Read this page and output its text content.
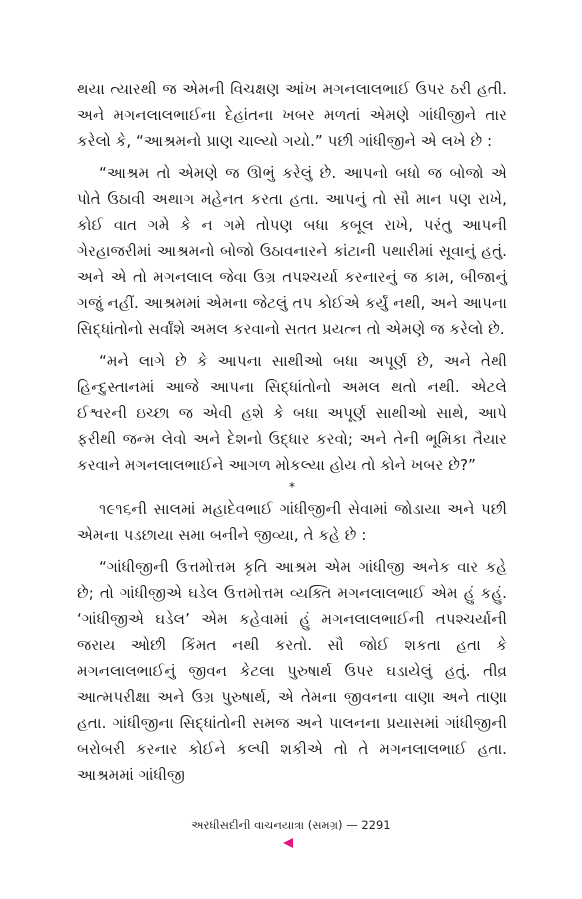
થયા ત્યારથી જ એમની વિચક્ષણ આંખ મગનલાલભાઈ ઉપર ઠરી હતી. અને મગનલાલભાઈના દેહાંતના ખબર મળતાં એમણે ગાંધીજીને તાર કરેલો કે, “આશ્રમનો પ્રાણ ચાલ્યો ગયો.” પછી ગાંધીજીને એ લખે છે :

“આશ્રમ તો એમણે જ ઊભું કરેલું છે. આપનો બધો જ બોજો એ પોતે ઉઠાવી અથાગ મહેનત કરતા હતા. આપનું તો સૌ માન પણ રાખે, કોઈ વાત ગમે કે ન ગમે તોપણ બધા કબૂલ રાખે, પરંતુ આપની ગેરહાજરીમાં આશ્રમનો બોજો ઉઠાવનારને કાંટાની પથારીમાં સૂવાનું હતું. અને એ તો મગનલાલ જેવા ઉગ્ર તપશ્ચર્યા કરનારનું જ કામ, બીજાનું ગજું નહીં. આશ્રમમાં એમના જેટલું તપ કોઈએ કર્યું નથી, અને આપના સિદ્ધાંતોનો સર્વાંશે અમલ કરવાનો સતત પ્રયત્ન તો એમણે જ કરેલો છે.

“મને લાગે છે કે આપના સાથીઓ બધા અપૂર્ણ છે, અને તેથી હિન્દુસ્તાનમાં આજે આપના સિદ્ધાંતોનો અમલ થતો નથી. એટલે ઈશ્વરની ઇચ્છા જ એવી હશે કે બધા અપૂર્ણ સાથીઓ સાથે, આપે ફરીથી જન્મ લેવો અને દેશનો ઉદ્ધાર કરવો; અને તેની ભૂમિકા તૈયાર કરવાને મગનલાલભાઈને આગળ મોકલ્યા હોય તો કોને ખબર છે?”

*

૧૯૧૬ની સાલમાં મહાદેવભાઈ ગાંધીજીની સેવામાં જોડાયા અને પછી એમના પડછાયા સમા બનીને જીવ્યા, તે કહે છે :

“ગાંધીજીની ઉત્તમોત્તમ કૃતિ આશ્રમ એમ ગાંધીજી અનેક વાર કહે છે; તો ગાંધીજીએ ઘડેલ ઉત્તમોત્તમ વ્યક્તિ મગનલાલભાઈ એમ હું કહું. ‘ગાંધીજીએ ઘડેલ’ એમ કહેવામાં હું મગનલાલભાઈની તપશ્ચર્યાની જરાય ઓછી કિંમત નથી કરતો. સૌ જોઈ શકતા હતા કે મગનલાલભાઈનું જીવન કેટલા પુરુષાર્થ ઉપર ઘડાયેલું હતું. તીવ્ર આત્મપરીક્ષા અને ઉગ્ર પુરુષાર્થ, એ તેમના જીવનના વાણા અને તાણા હતા. ગાંધીજીના સિદ્ધાંતોની સમજ અને પાલનના પ્રયાસમાં ગાંધીજીની બરોબરી કરનાર કોઈને કલ્પી શકીએ તો તે મગનલાલભાઈ હતા. આશ્રમમાં ગાંધીજી

અરધીસદીની વાચનયાત્રા (સમગ્ર) — 2291
